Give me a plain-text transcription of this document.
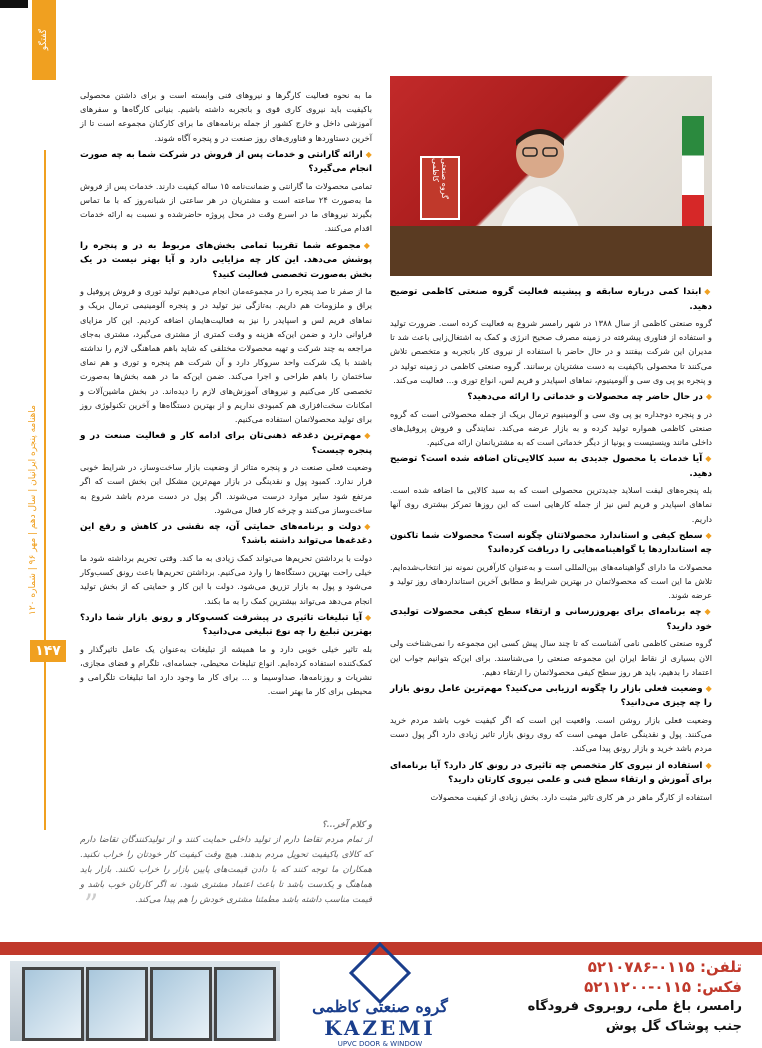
گفتگو
ماهنامه پنجره ایرانیان | سال دهم | مهر ۹۶ | شماره ۱۲۰
۱۴۷

ما به نحوه فعالیت کارگرها و نیروهای فنی وابسته است و برای داشتن محصولی باکیفیت باید نیروی کاری قوی و باتجربه داشته باشیم. بنیانی کارگاه‌ها و سفرهای آموزشی داخل و خارج کشور از جمله برنامه‌های ما برای کارکنان مجموعه است تا از آخرین دستاوردها و فناوری‌های روز صنعت در و پنجره آگاه شوند.

◆ ارائه گارانتی و خدمات پس از فروش در شرکت شما به چه صورت انجام می‌گیرد؟

تمامی محصولات ما گارانتی و ضمانت‌نامه ۱۵ ساله کیفیت دارند. خدمات پس از فروش ما به‌صورت ۲۴ ساعته است و مشتریان در هر ساعتی از شبانه‌روز که با ما تماس بگیرند نیروهای ما در اسرع وقت در محل پروژه حاضرشده و نسبت به ارائه خدمات اقدام می‌کنند.

◆ مجموعه شما تقریبا تمامی بخش‌های مربوط به در و پنجره را پوشش می‌دهد. این کار چه مزایایی دارد و آیا بهتر نیست در یک بخش به‌صورت تخصصی فعالیت کنید؟

ما از صفر تا صد پنجره را در مجموعه‌مان انجام می‌دهیم تولید توری و فروش پروفیل و یراق و ملزومات هم داریم. به‌تازگی نیز تولید در و پنجره آلومینیمی ترمال بریک و نماهای فریم لس و اسپایدر را نیز به فعالیت‌هایمان اضافه کردیم. این کار مزایای فراوانی دارد و ضمن این‌که هزینه و وقت کمتری از مشتری می‌گیرد، مشتری به‌جای مراجعه به چند شرکت و تهیه محصولات مختلفی که شاید باهم هماهنگی لازم را نداشته باشند با یک شرکت واحد سروکار دارد و آن شرکت هم پنجره و توری و هم نمای ساختمان را باهم طراحی و اجرا می‌کند. ضمن این‌که ما در همه بخش‌ها به‌صورت تخصصی کار می‌کنیم و نیروهای آموزش‌های لازم را دیده‌اند. در بخش ماشین‌آلات و امکانات سخت‌افزاری هم کمبودی نداریم و از بهترین دستگاه‌ها و آخرین تکنولوژی روز برای تولید محصولاتمان استفاده می‌کنیم.

◆ مهم‌ترین دغدغه ذهنی‌تان برای ادامه کار و فعالیت صنعت در و پنجره چیست؟

وضعیت فعلی صنعت در و پنجره متاثر از وضعیت بازار ساخت‌وساز، در شرایط خوبی قرار ندارد. کمبود پول و نقدینگی در بازار مهم‌ترین مشکل این بخش است که اگر مرتفع شود سایر موارد درست می‌شوند. اگر پول در دست مردم باشد شروع به ساخت‌وساز می‌کنند و چرخه کار فعال می‌شود.

◆ دولت و برنامه‌های حمایتی آن، چه نقشی در کاهش و رفع این دغدغه‌ها می‌تواند داشته باشد؟

دولت با برداشتن تحریم‌ها می‌تواند کمک زیادی به ما کند. وقتی تحریم برداشته شود ما خیلی راحت بهترین دستگاه‌ها را وارد می‌کنیم. برداشتن تحریم‌ها باعث رونق کسب‌وکار می‌شود و پول به بازار تزریق می‌شود. دولت با این کار و حمایتی که از بخش تولید انجام می‌دهد می‌تواند بیشترین کمک را به ما بکند.

◆ آیا تبلیغات تاثیری در پیشرفت کسب‌وکار و رونق بازار شما دارد؟ بهترین تبلیغ را چه نوع تبلیغی می‌دانید؟

بله تاثیر خیلی خوبی دارد و ما همیشه از تبلیغات به‌عنوان یک عامل تاثیرگذار و کمک‌کننده استفاده کرده‌ایم. انواع تبلیغات محیطی، جسامه‌ای، تلگرام و فضای مجازی، نشریات و روزنامه‌ها، صداوسیما و ... برای کار ما وجود دارد اما تبلیغات تلگرامی و محیطی برای کار ما بهتر است.

و کلام آخر...؟
از تمام مردم تقاضا دارم از تولید داخلی حمایت کنند و از تولیدکنندگان تقاضا دارم که کالای باکیفیت تحویل مردم بدهند. هیچ وقت کیفیت کار خودتان را خراب نکنید. همکاران ما توجه کنند که با دادن قیمت‌های پایین بازار را خراب نکنند. بازار باید هماهنگ و یکدست باشد تا باعث اعتماد مشتری شود. نه اگر کارتان خوب باشد و قیمت مناسب داشته باشد مطمئنا مشتری خودش را هم پیدا می‌کند.
”
گروه صنعتی کاظمی
◆ ابتدا کمی درباره سابقه و پیشینه فعالیت گروه صنعتی کاظمی توضیح دهید.

گروه صنعتی کاظمی از سال ۱۳۸۸ در شهر رامسر شروع به فعالیت کرده است. ضرورت تولید و استفاده از فناوری پیشرفته در زمینه مصرف صحیح انرژی و کمک به اشتغال‌زایی باعث شد تا مدیران این شرکت بیفتند و در حال حاضر با استفاده از نیروی کار باتجربه و متخصص تلاش می‌کنند تا محصولی باکیفیت به دست مشتریان برسانند. گروه صنعتی کاظمی در زمینه تولید در و پنجره یو پی وی سی و آلومینیوم، نماهای اسپایدر و فریم لس، انواع توری و... فعالیت می‌کند.

◆ در حال حاضر چه محصولات و خدماتی را ارائه می‌دهید؟

در و پنجره دوجداره یو پی وی سی و آلومینیوم ترمال بریک از جمله محصولاتی است که گروه صنعتی کاظمی همواره تولید کرده و به بازار عرضه می‌کند. نمایندگی و فروش پروفیل‌های داخلی مانند وینستیست و یونیا از دیگر خدماتی است که به مشتریانمان ارائه می‌کنیم.

◆ آیا خدمات یا محصول جدیدی به سبد کالایی‌تان اضافه شده است؟ توضیح دهید.

بله پنجره‌های لیفت اسلاید جدیدترین محصولی است که به سبد کالایی ما اضافه شده است. نماهای اسپایدر و فریم لس نیز از جمله کارهایی است که این روزها تمرکز بیشتری روی آنها داریم.

◆ سطح کیفی و استاندارد محصولاتتان چگونه است؟ محصولات شما تاکنون چه استانداردها یا گواهینامه‌هایی را دریافت کرده‌اند؟

محصولات ما دارای گواهینامه‌های بین‌المللی است و به‌عنوان کارآفرین نمونه نیز انتخاب‌شده‌ایم. تلاش ما این است که محصولاتمان در بهترین شرایط و مطابق آخرین استانداردهای روز تولید و عرضه شوند.

◆ چه برنامه‌ای برای بهروزرسانی و ارتقاء سطح کیفی محصولات تولیدی خود دارید؟

گروه صنعتی کاظمی نامی آشناست که تا چند سال پیش کسی این مجموعه را نمی‌شناخت ولی الان بسیاری از نقاط ایران این مجموعه صنعتی را می‌شناسند. برای این‌که بتوانیم جواب این اعتماد را بدهیم، باید هر روز سطح کیفی محصولاتمان را ارتقاء دهیم.

◆ وضعیت فعلی بازار را چگونه ارزیابی می‌کنید؟ مهم‌ترین عامل رونق بازار را چه چیزی می‌دانید؟

وضعیت فعلی بازار روشن است. واقعیت این است که اگر کیفیت خوب باشد مردم خرید می‌کنند. پول و نقدینگی عامل مهمی است که روی رونق بازار تاثیر زیادی دارد اگر پول دست مردم باشد خرید و بازار رونق پیدا می‌کند.

◆ استفاده از نیروی کار متخصص چه تاثیری در رونق کار دارد؟ آیا برنامه‌ای برای آموزش و ارتقاء سطح فنی و علمی نیروی کارتان دارید؟

استفاده از کارگر ماهر در هر کاری تاثیر مثبت دارد. بخش زیادی از کیفیت محصولات

گروه صنعتی کاظمی
KAZEMI
UPVC DOOR & WINDOW
تلفن: ۰۱۱۵-۵۲۱۰۷۸۶
فکس: ۰۱۱۵-۵۲۱۱۲۰۰
رامسر، باغ ملی، روبروی فرودگاه
جنب پوشاک گل پوش
